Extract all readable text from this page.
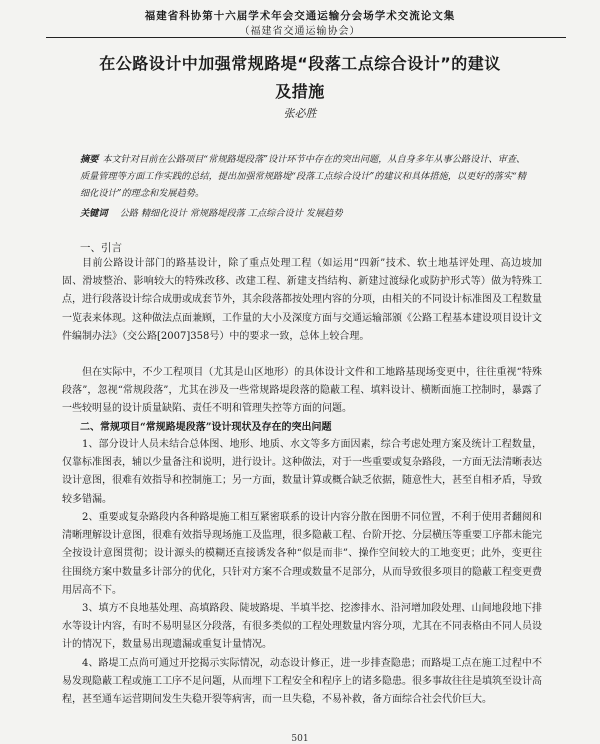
福建省科协第十六届学术年会交通运输分会场学术交流论文集
（福建省交通运输协会）
在公路设计中加强常规路堤“段落工点综合设计”的建议
及措施
张必胜
摘要 本文针对目前在公路项目“常规路堤段落”设计环节中存在的突出问题，从自身多年从事公路设计、审查、质量管理等方面工作实践的总结，提出加强常规路堤“段落工点综合设计”的建议和具体措施，以更好的落实“精细化设计”的理念和发展趋势。
关键词 公路 精细化设计 常规路堤段落 工点综合设计 发展趋势
一、引言
目前公路设计部门的路基设计，除了重点处理工程（如运用“四新”技术、软土地基评处理、高边坡加固、滑坡整治、影响较大的特殊改移、改建工程、新建支挡结构、新建过渡绿化或防护形式等）做为特殊工点，进行段落设计综合成册或成套节外，其余段落都按处理内容的分项，由相关的不同设计标准图及工程数量一览表来体现。这种做法点面兼顾，工作量的大小及深度方面与交通运输部颁《公路工程基本建设项目设计文件编制办法》（交公路[2007]358号）中的要求一致，总体上较合理。
但在实际中，不少工程项目（尤其是山区地形）的具体设计文件和工地路基现场变更中，往往重视“特殊段落”，忽视“常规段落”，尤其在涉及一些常规路堤段落的隐蔽工程、填料设计、横断面施工控制时，暴露了一些较明显的设计质量缺陷、责任不明和管理失控等方面的问题。
二、常规项目“常规路堤段落”设计现状及存在的突出问题
1、部分设计人员未结合总体图、地形、地质、水文等多方面因素，综合考虑处理方案及统计工程数量，仅靠标准图表，辅以少量备注和说明，进行设计。这种做法，对于一些重要或复杂路段，一方面无法清晰表达设计意图，很难有效指导和控制施工；另一方面，数量计算或概合缺乏依据，随意性大，甚至自相矛盾，导致较多错漏。
2、重要或复杂路段内各种路堤施工相互紧密联系的设计内容分散在图册不同位置，不利于使用者翻阅和清晰理解设计意图，很难有效指导现场施工及监理，很多隐蔽工程、台阶开挖、分层横压等重要工序都未能完全按设计意图贯彻；设计源头的模糊还直接诱发各种“似是而非”、操作空间较大的工地变更；此外，变更往往围绕方案中数量多计部分的优化，只针对方案不合理或数量不足部分，从而导致很多项目的隐蔽工程变更费用居高不下。
3、填方不良地基处理、高填路段、陡坡路堤、半填半挖、挖渗排水、沿河增加段处理、山间地段地下排水等设计内容，有时不易明显区分段落，有很多类似的工程处理数量内容分项，尤其在不同表格由不同人员设计的情况下，数量易出现遗漏或重复计量情况。
4、路堤工点尚可通过开挖揭示实际情况，动态设计修正，进一步排查隐患；而路堤工点在施工过程中不易发现隐蔽工程或施工工序不足问题，从而埋下工程安全和程序上的诸多隐患。很多事故往往是填筑至设计高程，甚至通车运营期间发生失稳开裂等病害，而一旦失稳，不易补救，备方面综合社会代价巨大。
501
